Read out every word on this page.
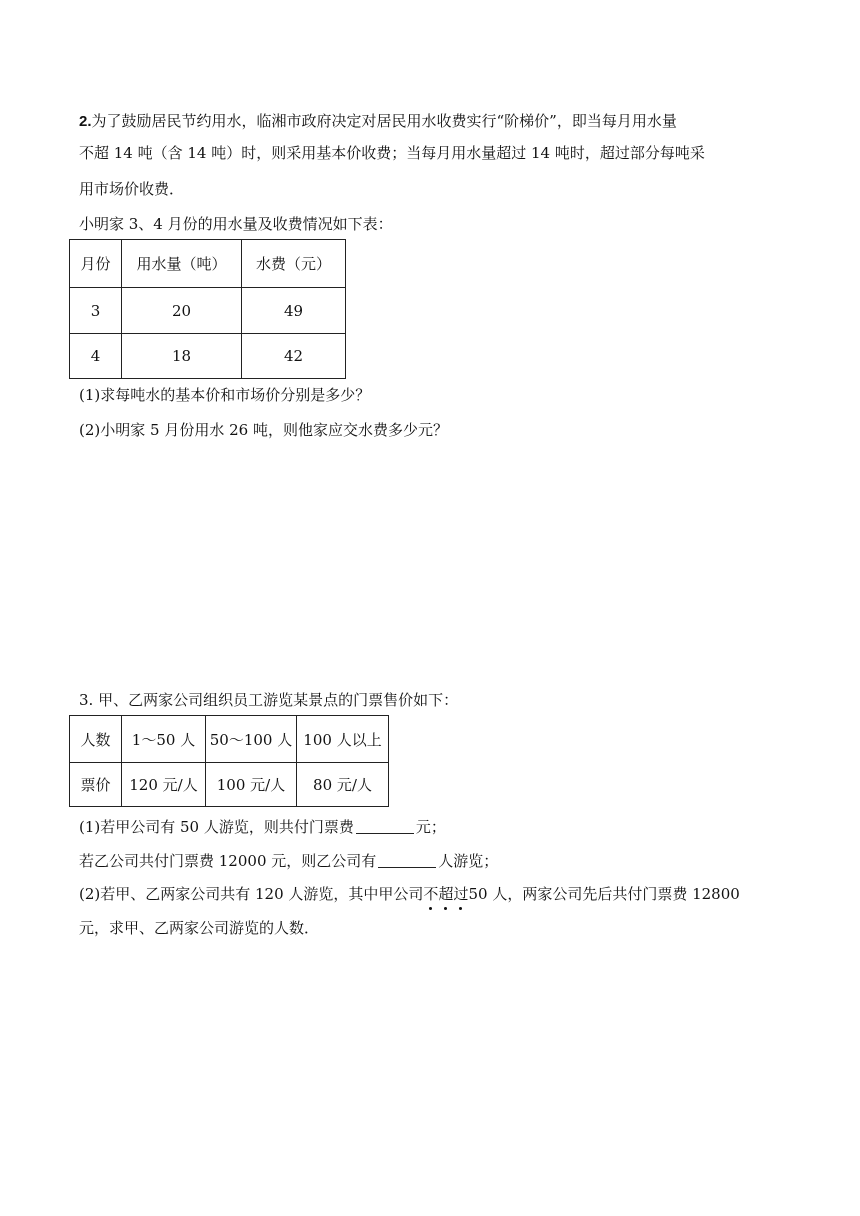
2.为了鼓励居民节约用水，临湘市政府决定对居民用水收费实行“阶梯价”，即当每月用水量
不超 14 吨（含 14 吨）时，则采用基本价收费；当每月用水量超过 14 吨时，超过部分每吨采
用市场价收费．
小明家 3、4 月份的用水量及收费情况如下表：
月份	用水量（吨）	水费（元）
3	20	49
4	18	42
(1)求每吨水的基本价和市场价分别是多少？
(2)小明家 5 月份用水 26 吨，则他家应交水费多少元？
3. 甲、乙两家公司组织员工游览某景点的门票售价如下：
人数	1～50 人	50～100 人	100 人以上
票价	120 元/人	100 元/人	80 元/人
(1)若甲公司有 50 人游览，则共付门票费	元；
若乙公司共付门票费 12000 元，则乙公司有	人游览；
(2)若甲、乙两家公司共有 120 人游览，其中甲公司不超过50 人，两家公司先后共付门票费 12800
元，求甲、乙两家公司游览的人数．
